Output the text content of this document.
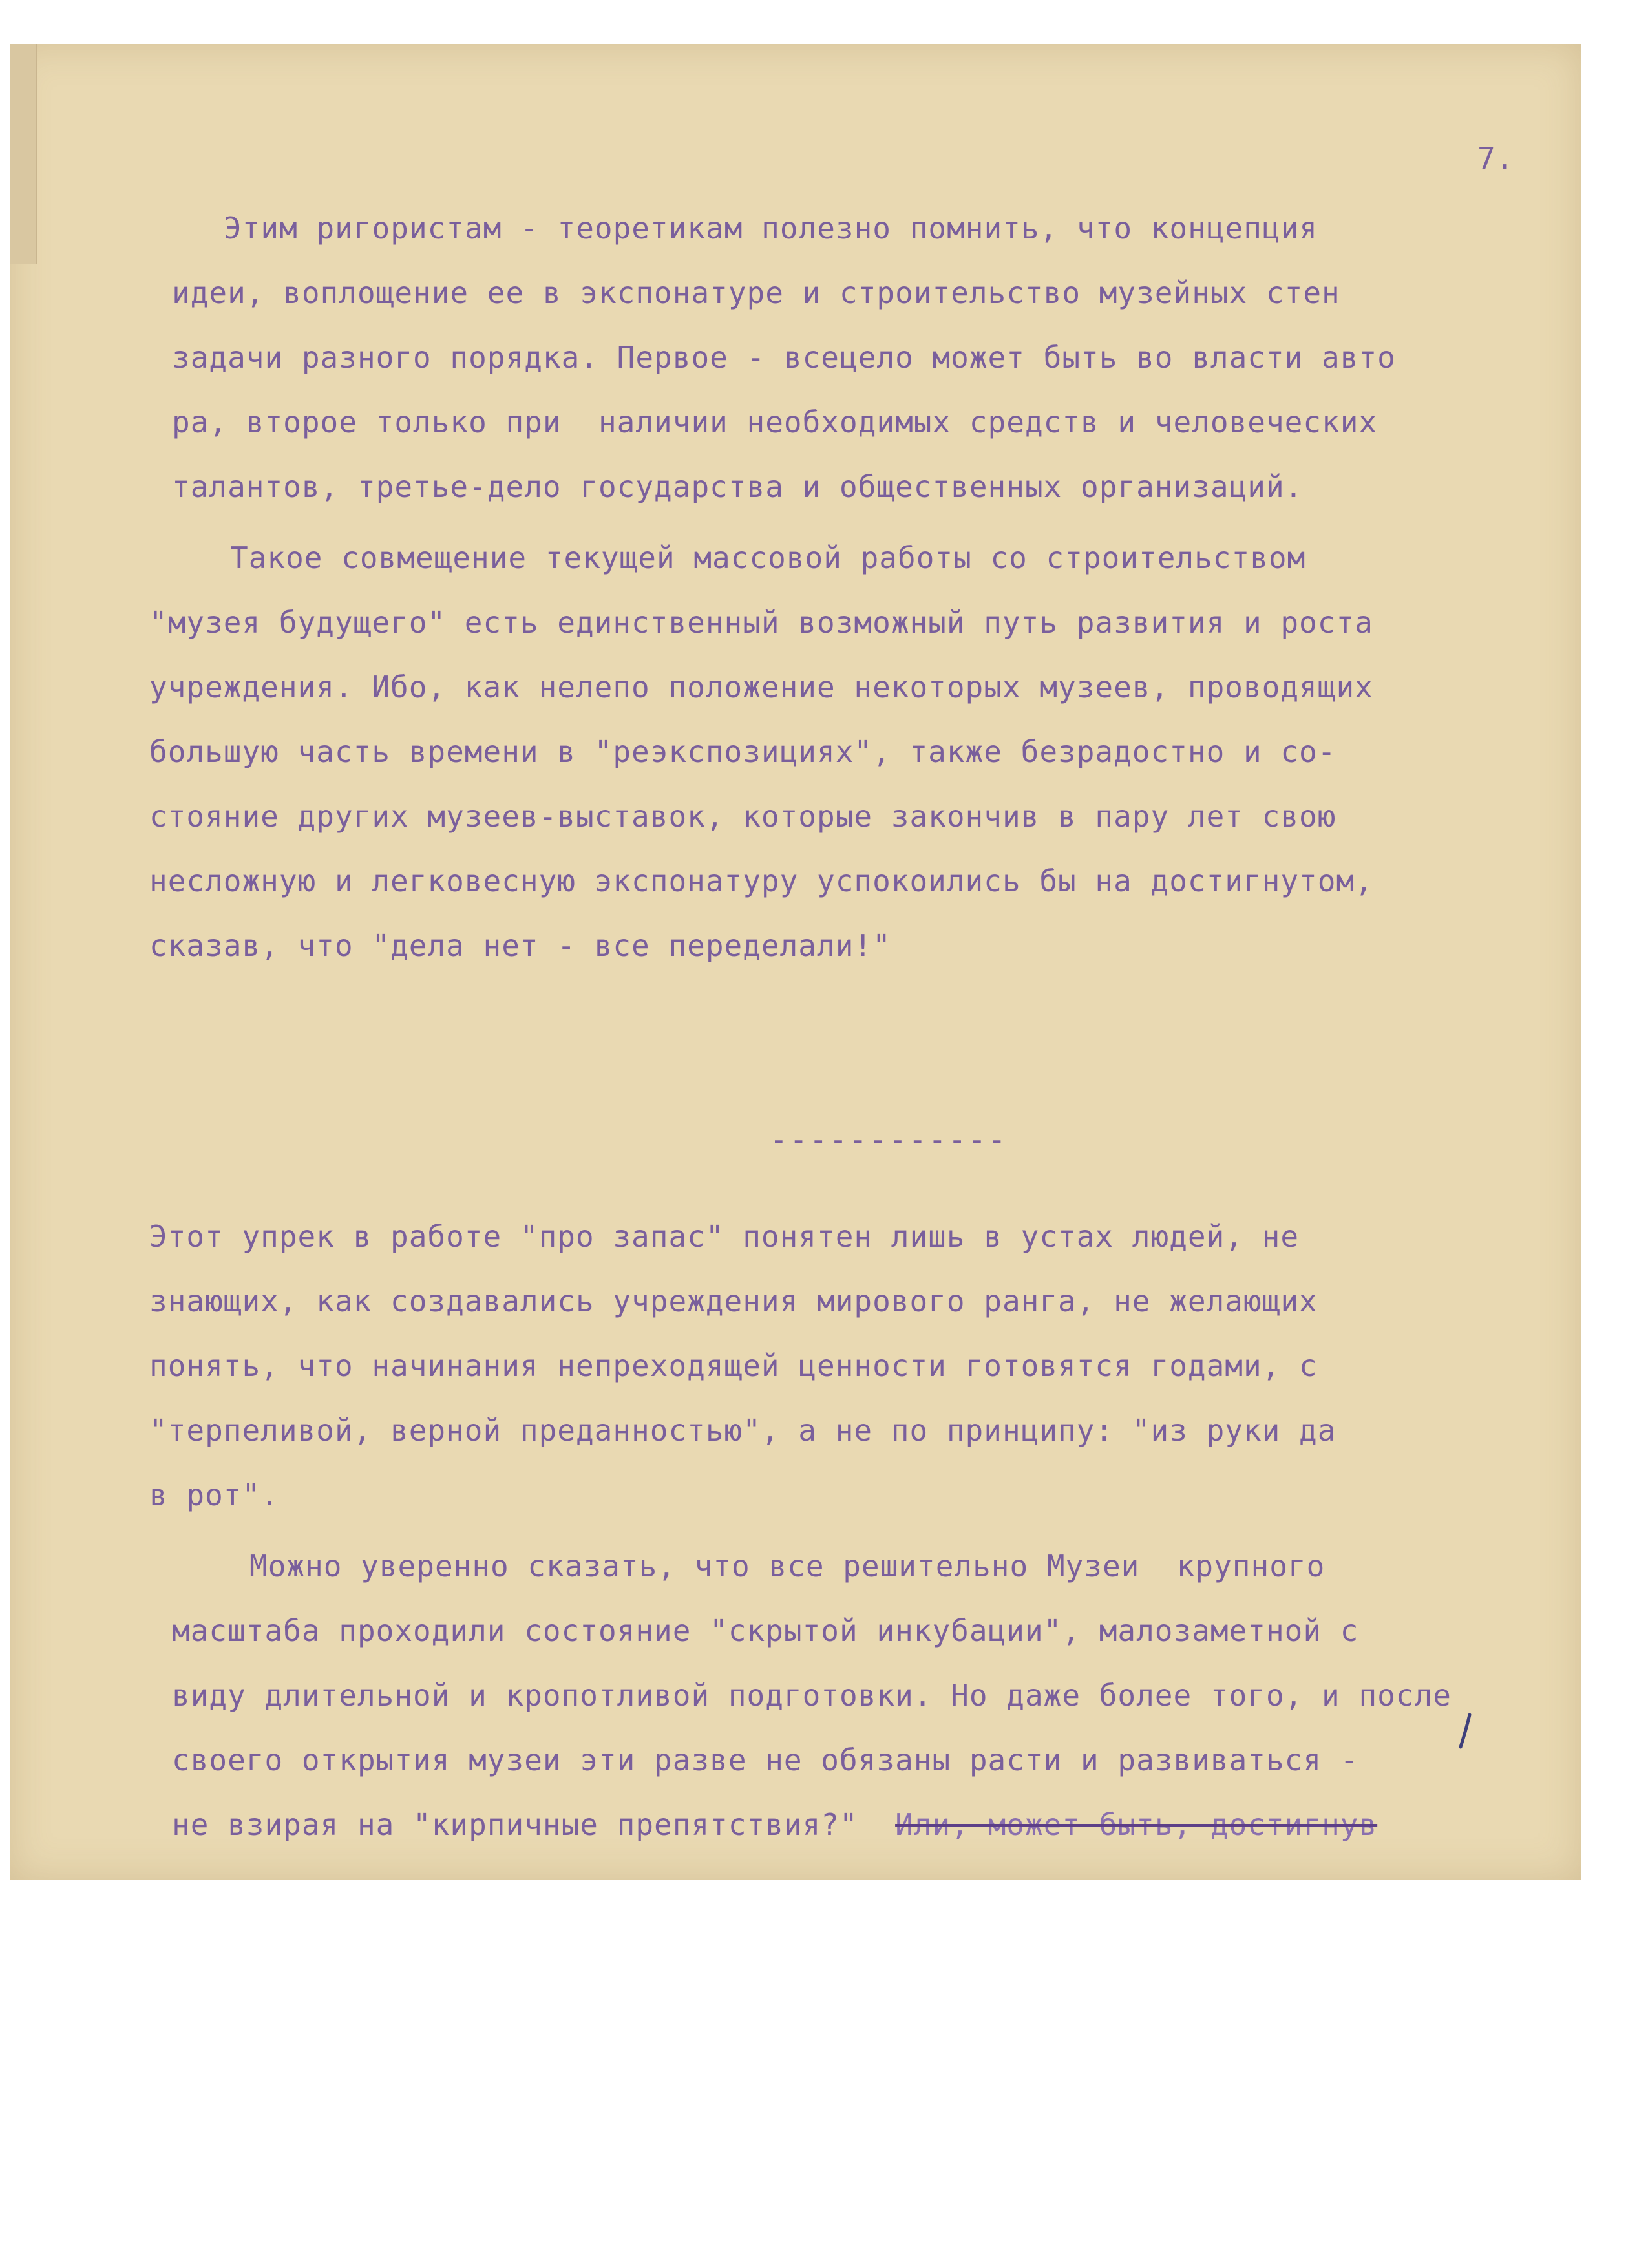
7.
Этим ригористам - теоретикам полезно помнить, что концепция
идеи, воплощение ее в экспонатуре и строительство музейных стен
задачи разного порядка. Первое - всецело может быть во власти авто
ра, второе только при  наличии необходимых средств и человеческих
талантов, третье-дело государства и общественных организаций.
Такое совмещение текущей массовой работы со строительством
"музея будущего" есть единственный возможный путь развития и роста
учреждения. Ибо, как нелепо положение некоторых музеев, проводящих
большую часть времени в "реэкспозициях", также безрадостно и со-
стояние других музеев-выставок, которые закончив в пару лет свою
несложную и легковесную экспонатуру успокоились бы на достигнутом,
сказав, что "дела нет - все переделали!"
------------
Этот упрек в работе "про запас" понятен лишь в устах людей, не
знающих, как создавались учреждения мирового ранга, не желающих
понять, что начинания непреходящей ценности готовятся годами, с
"терпеливой, верной преданностью", а не по принципу: "из руки да
в рот".
Можно уверенно сказать, что все решительно Музеи  крупного
масштаба проходили состояние "скрытой инкубации", малозаметной с
виду длительной и кропотливой подготовки. Но даже более того, и после
своего открытия музеи эти разве не обязаны расти и развиваться -
не взирая на "кирпичные препятствия?" Или, может быть, достигнув
